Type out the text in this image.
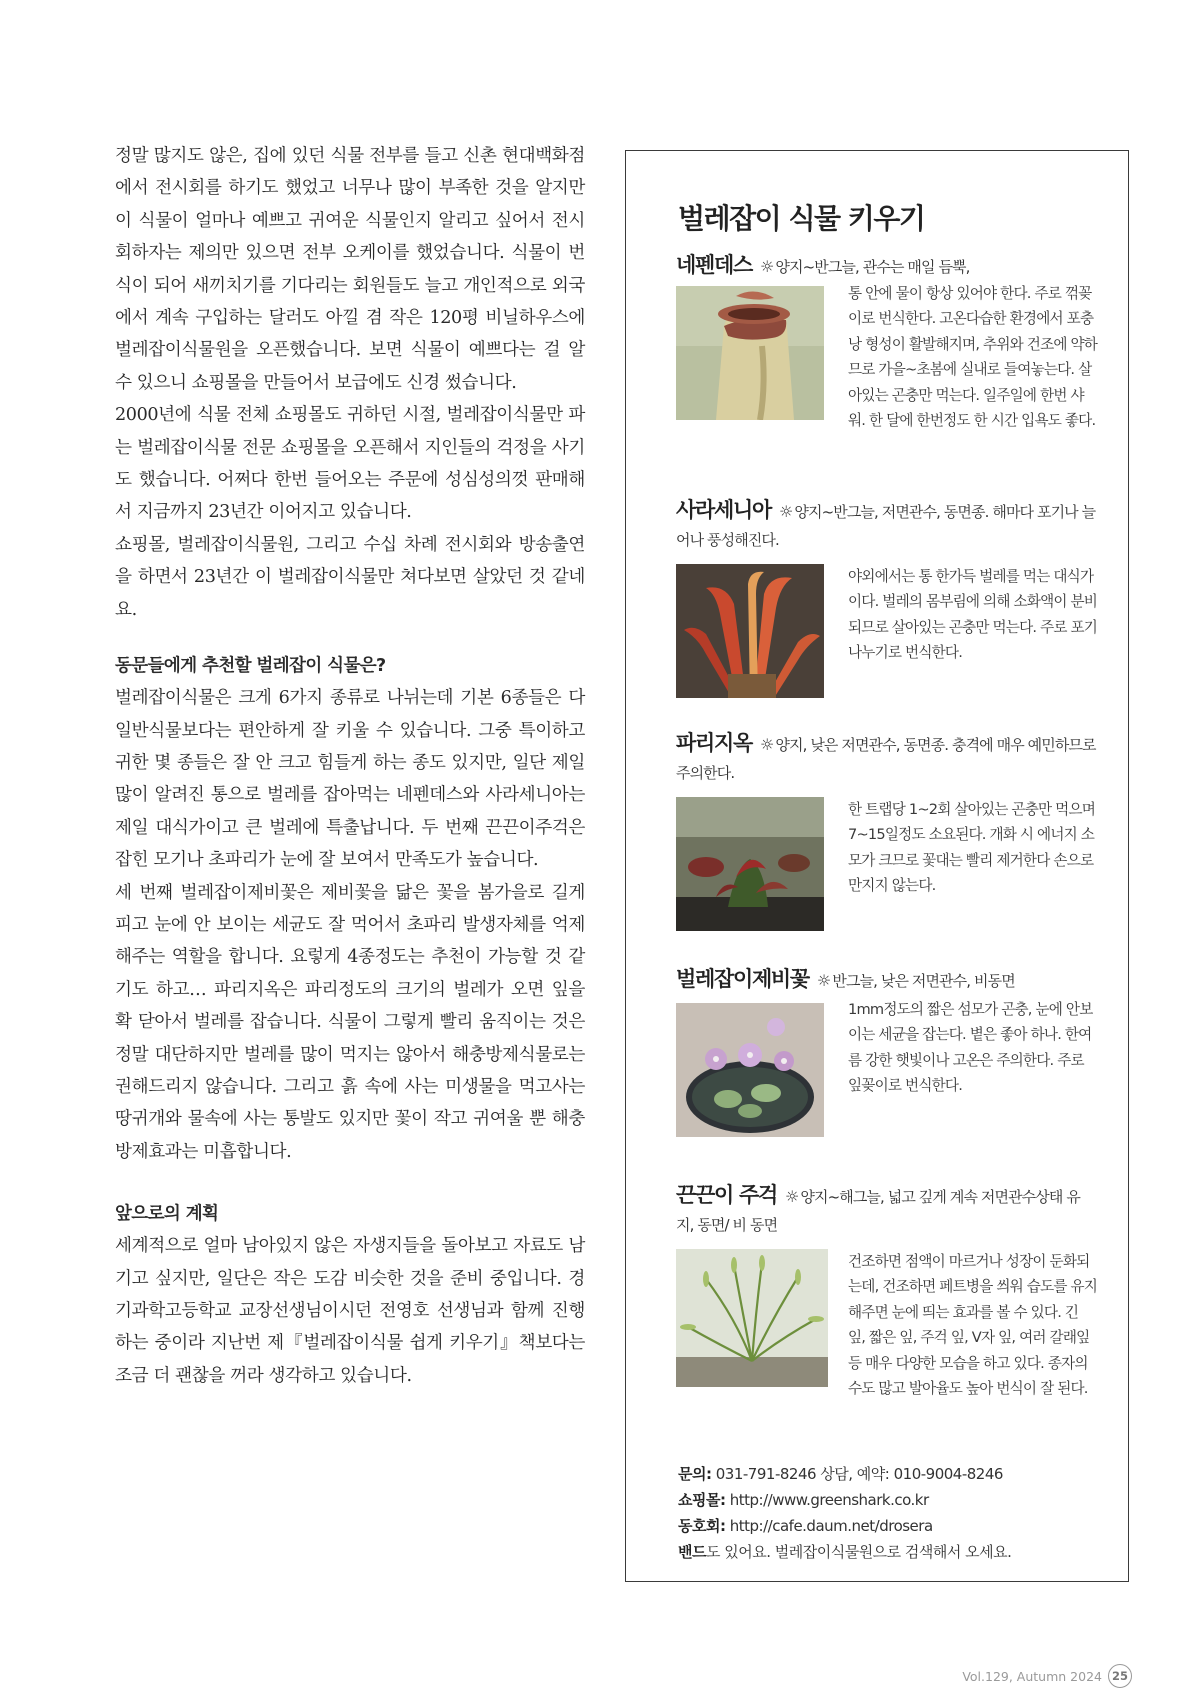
정말 많지도 않은, 집에 있던 식물 전부를 들고 신촌 현대백화점에서 전시회를 하기도 했었고 너무나 많이 부족한 것을 알지만 이 식물이 얼마나 예쁘고 귀여운 식물인지 알리고 싶어서 전시회하자는 제의만 있으면 전부 오케이를 했었습니다. 식물이 번식이 되어 새끼치기를 기다리는 회원들도 늘고 개인적으로 외국에서 계속 구입하는 달러도 아낄 겸 작은 120평 비닐하우스에 벌레잡이식물원을 오픈했습니다. 보면 식물이 예쁘다는 걸 알 수 있으니 쇼핑몰을 만들어서 보급에도 신경 썼습니다.

2000년에 식물 전체 쇼핑몰도 귀하던 시절, 벌레잡이식물만 파는 벌레잡이식물 전문 쇼핑몰을 오픈해서 지인들의 걱정을 사기도 했습니다. 어쩌다 한번 들어오는 주문에 성심성의껏 판매해서 지금까지 23년간 이어지고 있습니다.

쇼핑몰, 벌레잡이식물원, 그리고 수십 차례 전시회와 방송출연을 하면서 23년간 이 벌레잡이식물만 쳐다보면 살았던 것 같네요.

동문들에게 추천할 벌레잡이 식물은?

벌레잡이식물은 크게 6가지 종류로 나뉘는데 기본 6종들은 다 일반식물보다는 편안하게 잘 키울 수 있습니다. 그중 특이하고 귀한 몇 종들은 잘 안 크고 힘들게 하는 종도 있지만, 일단 제일 많이 알려진 통으로 벌레를 잡아먹는 네펜데스와 사라세니아는 제일 대식가이고 큰 벌레에 특출납니다. 두 번째 끈끈이주걱은 잡힌 모기나 초파리가 눈에 잘 보여서 만족도가 높습니다.

세 번째 벌레잡이제비꽃은 제비꽃을 닮은 꽃을 봄가을로 길게 피고 눈에 안 보이는 세균도 잘 먹어서 초파리 발생자체를 억제해주는 역할을 합니다. 요렇게 4종정도는 추천이 가능할 것 같기도 하고… 파리지옥은 파리정도의 크기의 벌레가 오면 잎을 확 닫아서 벌레를 잡습니다. 식물이 그렇게 빨리 움직이는 것은 정말 대단하지만 벌레를 많이 먹지는 않아서 해충방제식물로는 권해드리지 않습니다. 그리고 흙 속에 사는 미생물을 먹고사는 땅귀개와 물속에 사는 통발도 있지만 꽃이 작고 귀여울 뿐 해충방제효과는 미흡합니다.

앞으로의 계획

세계적으로 얼마 남아있지 않은 자생지들을 돌아보고 자료도 남기고 싶지만, 일단은 작은 도감 비슷한 것을 준비 중입니다. 경기과학고등학교 교장선생님이시던 전영호 선생님과 함께 진행하는 중이라 지난번 제『벌레잡이식물 쉽게 키우기』책보다는 조금 더 괜찮을 꺼라 생각하고 있습니다.

벌레잡이 식물 키우기
네펜데스 ☼ 양지~반그늘, 관수는 매일 듬뿍,

통 안에 물이 항상 있어야 한다. 주로 꺾꽂이로 번식한다. 고온다습한 환경에서 포충낭 형성이 활발해지며, 추위와 건조에 약하므로 가을~초봄에 실내로 들여놓는다. 살아있는 곤충만 먹는다. 일주일에 한번 샤워. 한 달에 한번정도 한 시간 입욕도 좋다.

사라세니아 ☼ 양지~반그늘, 저면관수, 동면종. 해마다 포기나 늘어나 풍성해진다.

야외에서는 통 한가득 벌레를 먹는 대식가이다. 벌레의 몸부림에 의해 소화액이 분비되므로 살아있는 곤충만 먹는다. 주로 포기나누기로 번식한다.

파리지옥 ☼ 양지, 낮은 저면관수, 동면종. 충격에 매우 예민하므로 주의한다.

한 트랩당 1~2회 살아있는 곤충만 먹으며 7~15일정도 소요된다. 개화 시 에너지 소모가 크므로 꽃대는 빨리 제거한다 손으로 만지지 않는다.

벌레잡이제비꽃 ☼ 반그늘, 낮은 저면관수, 비동면

1mm정도의 짧은 섬모가 곤충, 눈에 안보이는 세균을 잡는다. 볕은 좋아 하나. 한여름 강한 햇빛이나 고온은 주의한다. 주로 잎꽂이로 번식한다.

끈끈이 주걱 ☼ 양지~해그늘, 넓고 깊게 계속 저면관수상태 유지, 동면/ 비 동면

건조하면 점액이 마르거나 성장이 둔화되는데, 건조하면 페트병을 씌워 습도를 유지해주면 눈에 띄는 효과를 볼 수 있다. 긴 잎, 짧은 잎, 주걱 잎, V자 잎, 여러 갈래잎 등 매우 다양한 모습을 하고 있다. 종자의 수도 많고 발아율도 높아 번식이 잘 된다.

문의: 031-791-8246 상담, 예약: 010-9004-8246
쇼핑몰: http://www.greenshark.co.kr
동호회: http://cafe.daum.net/drosera
밴드도 있어요. 벌레잡이식물원으로 검색해서 오세요.
Vol.129, Autumn 2024 25
